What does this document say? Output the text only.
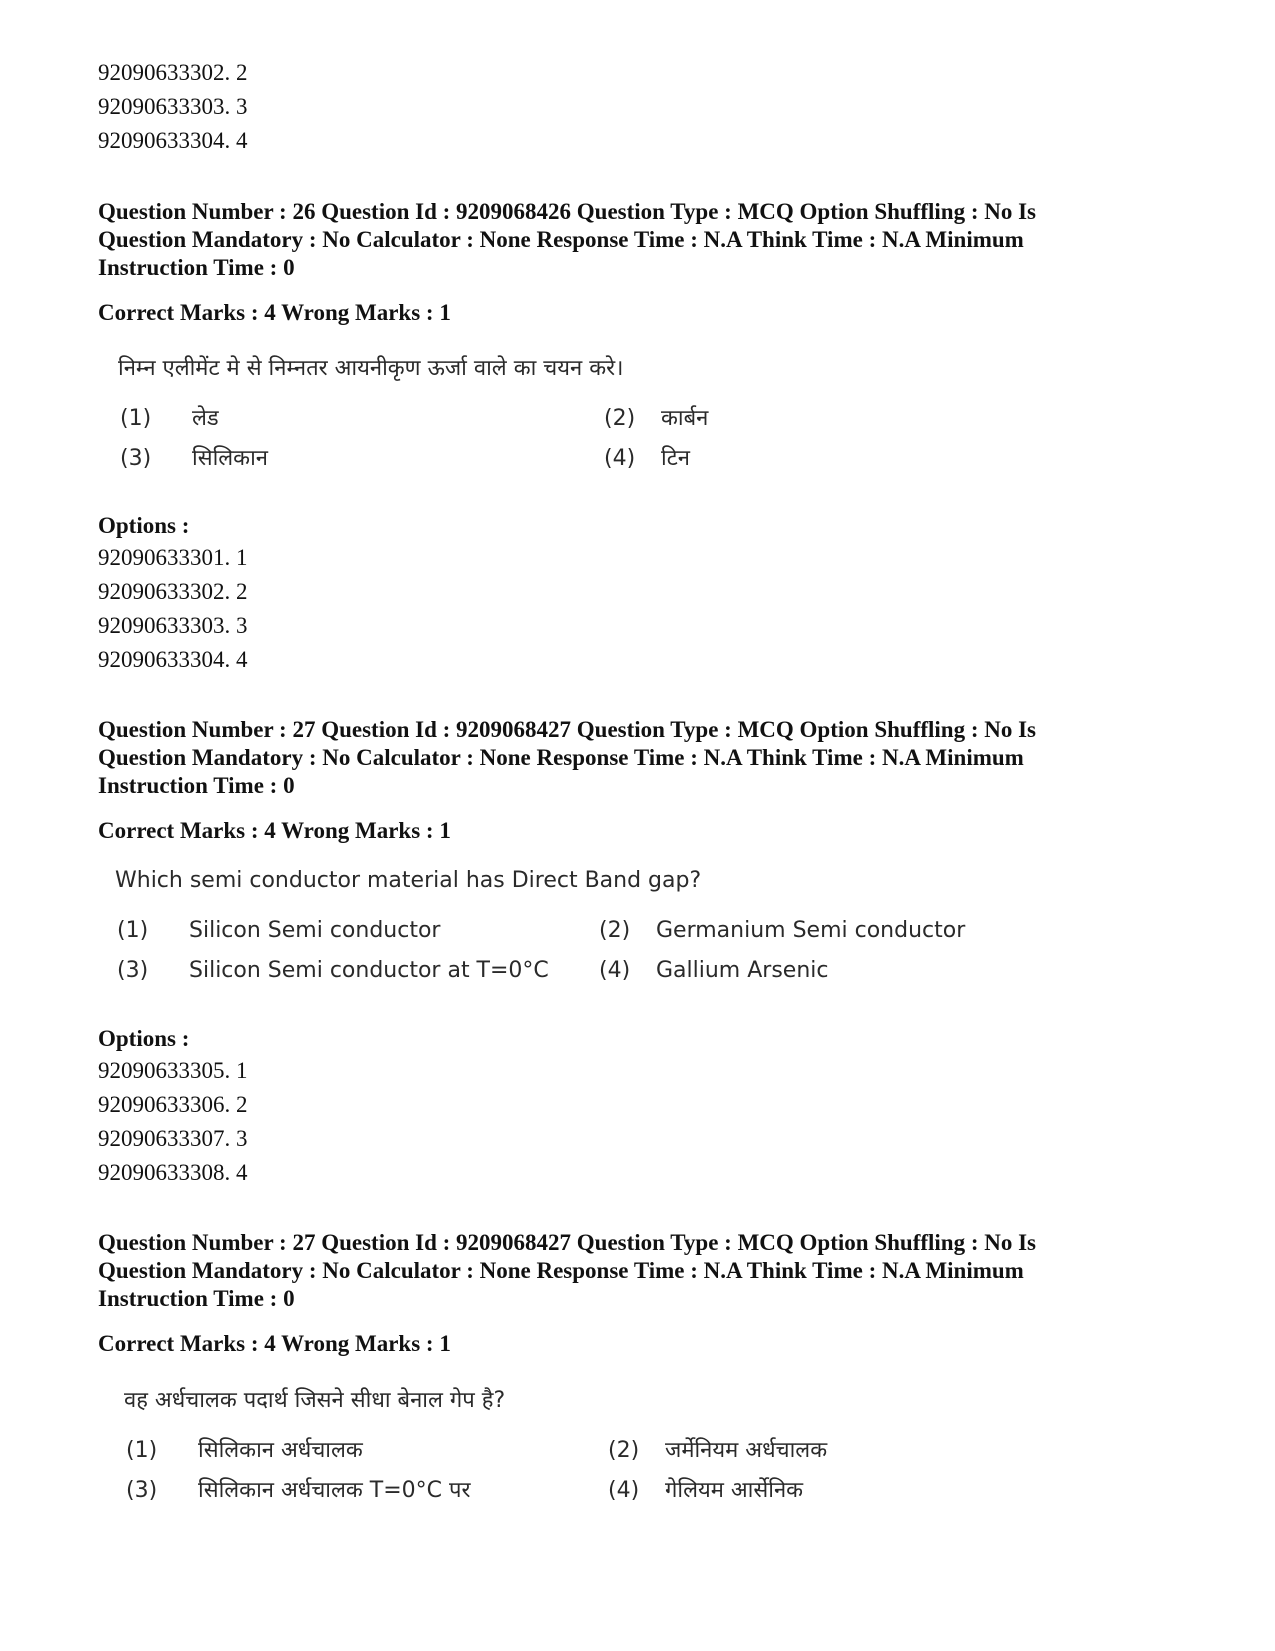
92090633302. 2
92090633303. 3
92090633304. 4
Question Number : 26 Question Id : 9209068426 Question Type : MCQ Option Shuffling : No Is
Question Mandatory : No Calculator : None Response Time : N.A Think Time : N.A Minimum
Instruction Time : 0
Correct Marks : 4 Wrong Marks : 1
निम्न एलीमेंट मे से निम्नतर आयनीकृण ऊर्जा वाले का चयन करे।
(1) लेड	(2) कार्बन
(3) सिलिकान	(4) टिन
Options :
92090633301. 1
92090633302. 2
92090633303. 3
92090633304. 4
Question Number : 27 Question Id : 9209068427 Question Type : MCQ Option Shuffling : No Is
Question Mandatory : No Calculator : None Response Time : N.A Think Time : N.A Minimum
Instruction Time : 0
Correct Marks : 4 Wrong Marks : 1
Which semi conductor material has Direct Band gap?
(1) Silicon Semi conductor	(2) Germanium Semi conductor
(3) Silicon Semi conductor at T=0°C (4) Gallium Arsenic
Options :
92090633305. 1
92090633306. 2
92090633307. 3
92090633308. 4
Question Number : 27 Question Id : 9209068427 Question Type : MCQ Option Shuffling : No Is
Question Mandatory : No Calculator : None Response Time : N.A Think Time : N.A Minimum
Instruction Time : 0
Correct Marks : 4 Wrong Marks : 1
वह अर्धचालक पदार्थ जिसने सीधा बेनाल गेप है?
(1) सिलिकान अर्धचालक	(2) जर्मेनियम अर्धचालक
(3) सिलिकान अर्धचालक T=0°C पर	(4) गेलियम आर्सेनिक
